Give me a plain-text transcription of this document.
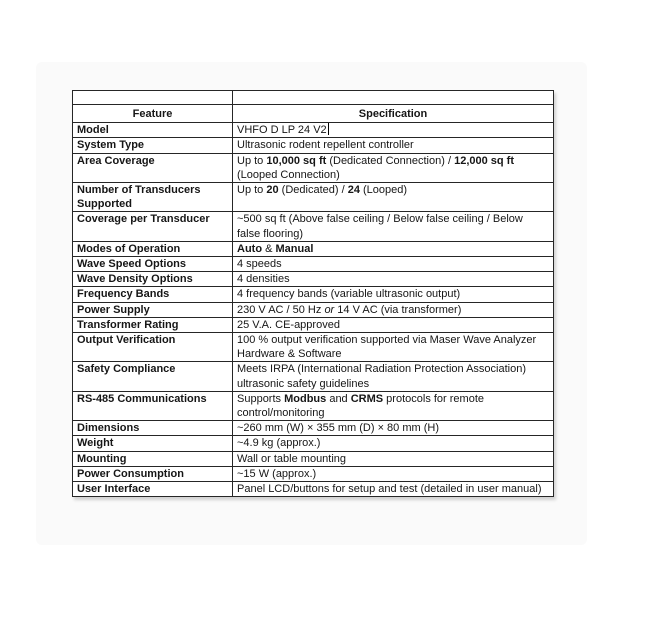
Feature	Specification
Model	VHFO D LP 24 V2
System Type	Ultrasonic rodent repellent controller
Area Coverage	Up to 10,000 sq ft (Dedicated Connection) / 12,000 sq ft (Looped Connection)
Number of Transducers Supported	Up to 20 (Dedicated) / 24 (Looped)
Coverage per Transducer	~500 sq ft (Above false ceiling / Below false ceiling / Below false flooring)
Modes of Operation	Auto & Manual
Wave Speed Options	4 speeds
Wave Density Options	4 densities
Frequency Bands	4 frequency bands (variable ultrasonic output)
Power Supply	230 V AC / 50 Hz or 14 V AC (via transformer)
Transformer Rating	25 V.A. CE-approved
Output Verification	100 % output verification supported via Maser Wave Analyzer Hardware & Software
Safety Compliance	Meets IRPA (International Radiation Protection Association) ultrasonic safety guidelines
RS-485 Communications	Supports Modbus and CRMS protocols for remote control/monitoring
Dimensions	~260 mm (W) × 355 mm (D) × 80 mm (H)
Weight	~4.9 kg (approx.)
Mounting	Wall or table mounting
Power Consumption	~15 W (approx.)
User Interface	Panel LCD/buttons for setup and test (detailed in user manual)
